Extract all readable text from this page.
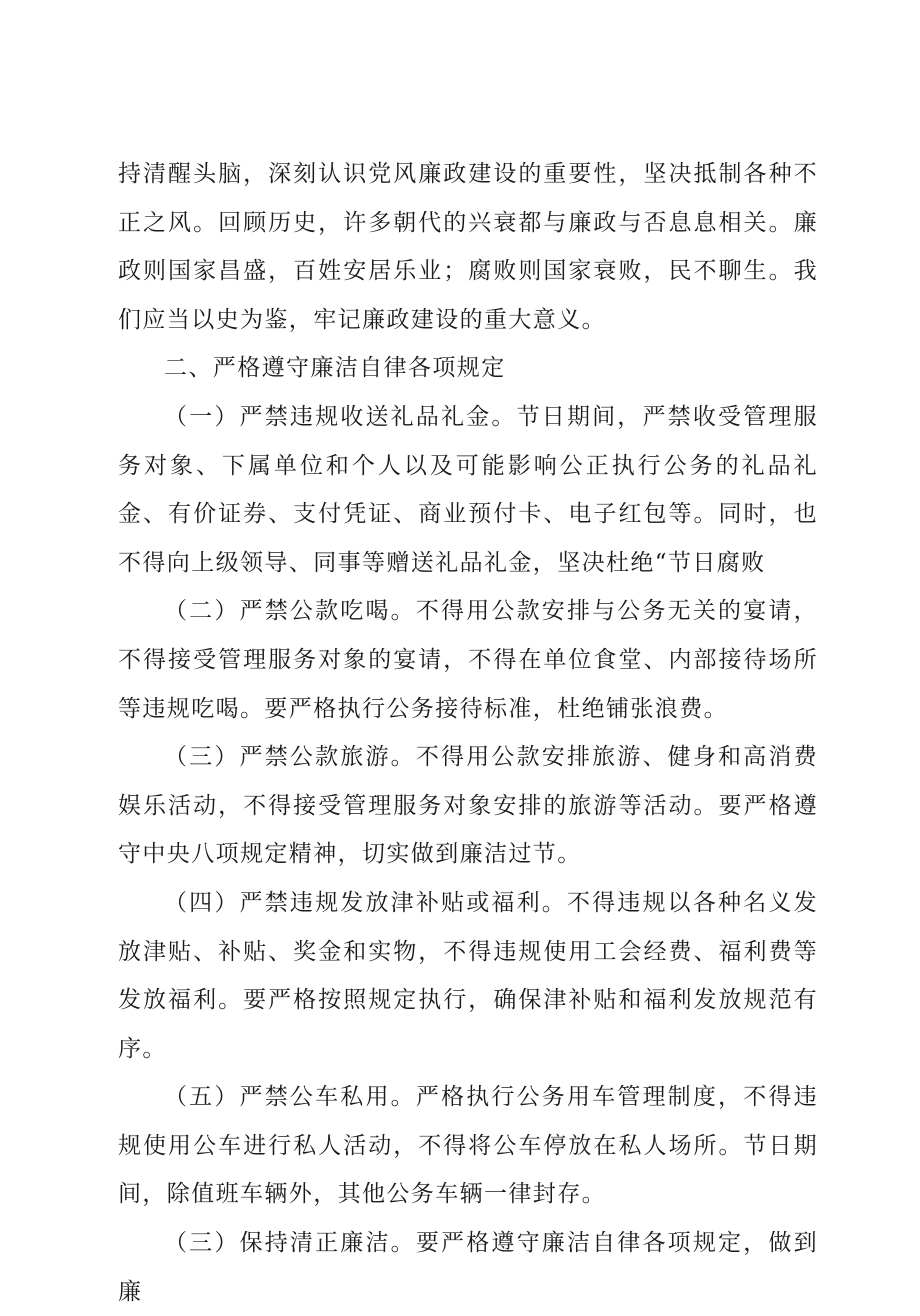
持清醒头脑，深刻认识党风廉政建设的重要性，坚决抵制各种不正之风。回顾历史，许多朝代的兴衰都与廉政与否息息相关。廉政则国家昌盛，百姓安居乐业；腐败则国家衰败，民不聊生。我们应当以史为鉴，牢记廉政建设的重大意义。

二、严格遵守廉洁自律各项规定

（一）严禁违规收送礼品礼金。节日期间，严禁收受管理服务对象、下属单位和个人以及可能影响公正执行公务的礼品礼金、有价证券、支付凭证、商业预付卡、电子红包等。同时，也不得向上级领导、同事等赠送礼品礼金，坚决杜绝“节日腐败

（二）严禁公款吃喝。不得用公款安排与公务无关的宴请，不得接受管理服务对象的宴请，不得在单位食堂、内部接待场所等违规吃喝。要严格执行公务接待标准，杜绝铺张浪费。

（三）严禁公款旅游。不得用公款安排旅游、健身和高消费娱乐活动，不得接受管理服务对象安排的旅游等活动。要严格遵守中央八项规定精神，切实做到廉洁过节。

（四）严禁违规发放津补贴或福利。不得违规以各种名义发放津贴、补贴、奖金和实物，不得违规使用工会经费、福利费等发放福利。要严格按照规定执行，确保津补贴和福利发放规范有序。

（五）严禁公车私用。严格执行公务用车管理制度，不得违规使用公车进行私人活动，不得将公车停放在私人场所。节日期间，除值班车辆外，其他公务车辆一律封存。

（三）保持清正廉洁。要严格遵守廉洁自律各项规定，做到廉
